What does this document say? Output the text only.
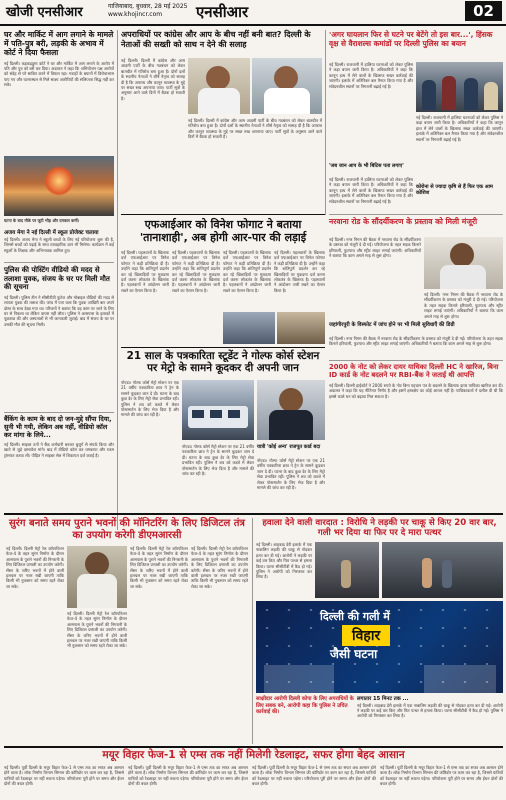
खोजी एनसीआर	गाजियाबाद, बुधवार, 28 मई 2025
www.khojincr.com	एनसीआर	02
घर और मार्किट में आग लगाने के मामले में पति-पुत्र बरी, लड़की के अभाव में कोर्ट ने दिया फैसला
नई दिल्ली। कड़कड़डूमा कोर्ट ने घर और मार्किट में आग लगाने के आरोप में पति और पुत्र को बरी कर दिया। अदालत ने कहा कि अभियोजन पक्ष आरोपों को संदेह से परे साबित करने में विफल रहा। गवाहों के बयानों में विरोधाभास पाए गए और घटनास्थल से मिले साक्ष्य आरोपियों की संलिप्तता सिद्ध नहीं कर सके।
घटना के बाद मौके पर जुटी भीड़ और दमकल कर्मी।
अजय मेगा ने नई दिल्ली में स्कूल प्रोजेक्ट चलाया
नई दिल्ली। अजय मेगा ने स्कूली बच्चों के लिए नई परियोजना शुरू की है, जिससे बच्चों को पढ़ाई के साथ व्यावहारिक ज्ञान भी मिलेगा। कार्यक्रम में कई स्कूलों के शिक्षक और अभिभावक शामिल हुए।
पुलिस की पोस्टिंग वीडियो की मदद से तलाशा युवक, संजय के घर पर मिली मौत की सूचना
नई दिल्ली। पुलिस टीम ने सीसीटीवी फुटेज और मोबाइल वीडियो की मदद से लापता युवक की तलाश की। जांच में पता चला कि युवक आखिरी बार अपने दोस्त के साथ देखा गया था। परिजनों ने बताया कि वह काम पर जाने के लिए घर से निकला था लेकिन वापस नहीं लौटा। पुलिस ने आसपास के इलाकों में पूछताछ की और अस्पतालों से भी जानकारी जुटाई। बाद में संजय के घर पर उसकी मौत की सूचना मिली।
बैंकिंग के काम के बाद दो जन-मुद्दे सौंपा दिया, सुनी भी गयी, लेकिन अब नहीं, वीडियो कॉल कर मांगा के लिये...
नई दिल्ली। साइबर ठगों ने बैंक कर्मचारी बनकर बुजुर्ग से संपर्क किया और खाते से जुड़े दस्तावेज मांगे। बाद में वीडियो कॉल कर धमकाया और रकम ट्रांसफर करवा ली। पीड़ित ने साइबर सेल में शिकायत दर्ज कराई है।
अपराधियों पर कांग्रेस और आप के बीच नहीं बनी बात? दिल्ली के नेताओं की सख्ती को साथ न देने की सलाह
नई दिल्ली। दिल्ली में कांग्रेस और आम आदमी पार्टी के बीच गठबंधन को लेकर बातचीत में गतिरोध बना हुआ है। दोनों दलों के स्थानीय नेताओं ने शीर्ष नेतृत्व को सलाह दी है कि अपराध और कानून व्यवस्था के मुद्दे पर सख्त रुख अपनाया जाए। पार्टी सूत्रों के अनुसार आने वाले दिनों में बैठक हो सकती है।
नई दिल्ली। दिल्ली में कांग्रेस और आम आदमी पार्टी के बीच गठबंधन को लेकर बातचीत में गतिरोध बना हुआ है। दोनों दलों के स्थानीय नेताओं ने शीर्ष नेतृत्व को सलाह दी है कि अपराध और कानून व्यवस्था के मुद्दे पर सख्त रुख अपनाया जाए। पार्टी सूत्रों के अनुसार आने वाले दिनों में बैठक हो सकती है।
'अगर घायलान फिर से घटने पर बेटेंगे तो इस बार...', हिंसक वृक्ष से वैराशल्स कमांडों पर दिल्ली पुलिस का बयान
नई दिल्ली। राजधानी में हालिया घटनाओं को लेकर पुलिस ने कड़ा बयान जारी किया है। अधिकारियों ने कहा कि कानून हाथ में लेने वालों के खिलाफ सख्त कार्रवाई की जाएगी। इलाके में अतिरिक्त बल तैनात किया गया है और संवेदनशील स्थानों पर निगरानी बढ़ाई गई है।
'जब जान आप के भी बिटिस पता लगाए'
नई दिल्ली। राजधानी में हालिया घटनाओं को लेकर पुलिस ने कड़ा बयान जारी किया है। अधिकारियों ने कहा कि कानून हाथ में लेने वालों के खिलाफ सख्त कार्रवाई की जाएगी। इलाके में अतिरिक्त बल तैनात किया गया है और संवेदनशील स्थानों पर निगरानी बढ़ाई गई है।
नई दिल्ली। राजधानी में हालिया घटनाओं को लेकर पुलिस ने कड़ा बयान जारी किया है। अधिकारियों ने कहा कि कानून हाथ में लेने वालों के खिलाफ सख्त कार्रवाई की जाएगी। इलाके में अतिरिक्त बल तैनात किया गया है और संवेदनशील स्थानों पर निगरानी बढ़ाई गई है।
कोरोना से ज्यादा कृषि से हैं फिर एक आम कोशिश
नरवाना रोड के सौंदर्यीकरण के प्रस्ताव को मिली मंजूरी
नई दिल्ली। नगर निगम की बैठक में नरवाना रोड के सौंदर्यीकरण के प्रस्ताव को मंजूरी दे दी गई। परियोजना के तहत सड़क किनारे हरियाली, फुटपाथ और स्ट्रीट लाइट लगाई जाएंगी। अधिकारियों ने बताया कि काम अगले माह से शुरू होगा।
नई दिल्ली। नगर निगम की बैठक में नरवाना रोड के सौंदर्यीकरण के प्रस्ताव को मंजूरी दे दी गई। परियोजना के तहत सड़क किनारे हरियाली, फुटपाथ और स्ट्रीट लाइट लगाई जाएंगी। अधिकारियों ने बताया कि काम अगले माह से शुरू होगा।
जहांगीरपुरी के विस्फोट में जांच होने पर भी मिली सुविधाएँ की डिग्री
नई दिल्ली। नगर निगम की बैठक में नरवाना रोड के सौंदर्यीकरण के प्रस्ताव को मंजूरी दे दी गई। परियोजना के तहत सड़क किनारे हरियाली, फुटपाथ और स्ट्रीट लाइट लगाई जाएंगी। अधिकारियों ने बताया कि काम अगले माह से शुरू होगा।
2000 के नोट को लेकर दायर याचिका दिल्ली HC ने खारिज, बिना ID कार्ड के नोट बदलने पर RBI-बैंक ने जताई थी आपत्ति
नई दिल्ली। दिल्ली हाईकोर्ट ने 2000 रुपये के नोट बिना पहचान पत्र के बदलने के खिलाफ दायर याचिका खारिज कर दी। अदालत ने कहा कि यह नीतिगत निर्णय है और इसमें हस्तक्षेप का कोई आधार नहीं है। याचिकाकर्ता ने दलील दी थी कि इससे काले धन को बढ़ावा मिल सकता है।
एफआईआर को विनेश फोगाट ने बताया 'तानाशाही', अब होगी आर-पार की लड़ाई
नई दिल्ली। पहलवानों के खिलाफ दर्ज एफआईआर पर विनेश फोगाट ने कड़ी प्रतिक्रिया दी है। उन्होंने कहा कि शांतिपूर्ण प्रदर्शन कर रहे खिलाड़ियों पर मुकदमा दर्ज करना लोकतंत्र के खिलाफ है। पहलवानों ने आंदोलन जारी रखने का ऐलान किया है।
नई दिल्ली। पहलवानों के खिलाफ दर्ज एफआईआर पर विनेश फोगाट ने कड़ी प्रतिक्रिया दी है। उन्होंने कहा कि शांतिपूर्ण प्रदर्शन कर रहे खिलाड़ियों पर मुकदमा दर्ज करना लोकतंत्र के खिलाफ है। पहलवानों ने आंदोलन जारी रखने का ऐलान किया है।
नई दिल्ली। पहलवानों के खिलाफ दर्ज एफआईआर पर विनेश फोगाट ने कड़ी प्रतिक्रिया दी है। उन्होंने कहा कि शांतिपूर्ण प्रदर्शन कर रहे खिलाड़ियों पर मुकदमा दर्ज करना लोकतंत्र के खिलाफ है। पहलवानों ने आंदोलन जारी रखने का ऐलान किया है।
नई दिल्ली। पहलवानों के खिलाफ दर्ज एफआईआर पर विनेश फोगाट ने कड़ी प्रतिक्रिया दी है। उन्होंने कहा कि शांतिपूर्ण प्रदर्शन कर रहे खिलाड़ियों पर मुकदमा दर्ज करना लोकतंत्र के खिलाफ है। पहलवानों ने आंदोलन जारी रखने का ऐलान किया है।
21 साल के पत्रकारिता स्टूडेंट ने गोल्फ कोर्स स्टेशन पर मेट्रो के सामने कूदकर दी अपनी जान
नोएडा। गोल्फ कोर्स मेट्रो स्टेशन पर एक 21 वर्षीय पत्रकारिता छात्र ने ट्रेन के सामने कूदकर जान दे दी। घटना के बाद कुछ देर के लिए मेट्रो सेवा प्रभावित रही। पुलिस ने शव को कब्जे में लेकर पोस्टमार्टम के लिए भेज दिया है और मामले की जांच कर रही है।
नोएडा। गोल्फ कोर्स मेट्रो स्टेशन पर एक 21 वर्षीय पत्रकारिता छात्र ने ट्रेन के सामने कूदकर जान दे दी। घटना के बाद कुछ देर के लिए मेट्रो सेवा प्रभावित रही। पुलिस ने शव को कब्जे में लेकर पोस्टमार्टम के लिए भेज दिया है और मामले की जांच कर रही है।
यात्री 'कोई अन्य' राजपूत कार्ड बदा
नोएडा। गोल्फ कोर्स मेट्रो स्टेशन पर एक 21 वर्षीय पत्रकारिता छात्र ने ट्रेन के सामने कूदकर जान दे दी। घटना के बाद कुछ देर के लिए मेट्रो सेवा प्रभावित रही। पुलिस ने शव को कब्जे में लेकर पोस्टमार्टम के लिए भेज दिया है और मामले की जांच कर रही है।
सुरंग बनाते समय पुराने भवनों की मॉनिटरिंग के लिए डिजिटल तंत्र का उपयोग करेगी डीएमआरसी
नई दिल्ली। दिल्ली मेट्रो रेल कॉरपोरेशन फेज-4 के तहत सुरंग निर्माण के दौरान आसपास के पुराने भवनों की निगरानी के लिए डिजिटल प्रणाली का उपयोग करेगी। सेंसर के जरिए भवनों में होने वाली हलचल पर नजर रखी जाएगी ताकि किसी भी नुकसान को समय रहते रोका जा सके।
नई दिल्ली। दिल्ली मेट्रो रेल कॉरपोरेशन फेज-4 के तहत सुरंग निर्माण के दौरान आसपास के पुराने भवनों की निगरानी के लिए डिजिटल प्रणाली का उपयोग करेगी। सेंसर के जरिए भवनों में होने वाली हलचल पर नजर रखी जाएगी ताकि किसी भी नुकसान को समय रहते रोका जा सके।
नई दिल्ली। दिल्ली मेट्रो रेल कॉरपोरेशन फेज-4 के तहत सुरंग निर्माण के दौरान आसपास के पुराने भवनों की निगरानी के लिए डिजिटल प्रणाली का उपयोग करेगी। सेंसर के जरिए भवनों में होने वाली हलचल पर नजर रखी जाएगी ताकि किसी भी नुकसान को समय रहते रोका जा सके।
नई दिल्ली। दिल्ली मेट्रो रेल कॉरपोरेशन फेज-4 के तहत सुरंग निर्माण के दौरान आसपास के पुराने भवनों की निगरानी के लिए डिजिटल प्रणाली का उपयोग करेगी। सेंसर के जरिए भवनों में होने वाली हलचल पर नजर रखी जाएगी ताकि किसी भी नुकसान को समय रहते रोका जा सके।
हवाला देने वाली वारदात : विरोधि ने लड़की पर चाकू से किए 20 वार बार, गली भर दिया था फिर पर दे मारा पत्थर
नई दिल्ली। शाहबाद डेरी इलाके में एक नाबालिग लड़की की चाकू से गोदकर हत्या कर दी गई। आरोपी ने लड़की पर कई वार किए और फिर पत्थर से हमला किया। घटना सीसीटीवी में कैद हो गई। पुलिस ने आरोपी को गिरफ्तार कर लिया है।
दिल्ली की गली में
विहार
जैसी घटना
साक्षीदार आरोपी दिल्ली कोपा के लिए अपराधियों के लिए सबक बने, आरोपी कहा कि पुलिस ने उचित कार्रवाई की।
लगातार 15 मिनट तक ...
नई दिल्ली। शाहबाद डेरी इलाके में एक नाबालिग लड़की की चाकू से गोदकर हत्या कर दी गई। आरोपी ने लड़की पर कई वार किए और फिर पत्थर से हमला किया। घटना सीसीटीवी में कैद हो गई। पुलिस ने आरोपी को गिरफ्तार कर लिया है।
मयूर विहार फेज-1 से एम्स तक नहीं मिलेगी रेडलाइट, सफर होगा बेहद आसान
नई दिल्ली। पूर्वी दिल्ली के मयूर विहार फेज-1 से एम्स तक का सफर अब आसान होने वाला है। लोक निर्माण विभाग सिग्नल फ्री कॉरिडोर पर काम कर रहा है, जिससे यात्रियों को रेडलाइट पर नहीं रुकना पड़ेगा। परियोजना पूरी होने पर समय और ईंधन दोनों की बचत होगी।
नई दिल्ली। पूर्वी दिल्ली के मयूर विहार फेज-1 से एम्स तक का सफर अब आसान होने वाला है। लोक निर्माण विभाग सिग्नल फ्री कॉरिडोर पर काम कर रहा है, जिससे यात्रियों को रेडलाइट पर नहीं रुकना पड़ेगा। परियोजना पूरी होने पर समय और ईंधन दोनों की बचत होगी।
नई दिल्ली। पूर्वी दिल्ली के मयूर विहार फेज-1 से एम्स तक का सफर अब आसान होने वाला है। लोक निर्माण विभाग सिग्नल फ्री कॉरिडोर पर काम कर रहा है, जिससे यात्रियों को रेडलाइट पर नहीं रुकना पड़ेगा। परियोजना पूरी होने पर समय और ईंधन दोनों की बचत होगी।
नई दिल्ली। पूर्वी दिल्ली के मयूर विहार फेज-1 से एम्स तक का सफर अब आसान होने वाला है। लोक निर्माण विभाग सिग्नल फ्री कॉरिडोर पर काम कर रहा है, जिससे यात्रियों को रेडलाइट पर नहीं रुकना पड़ेगा। परियोजना पूरी होने पर समय और ईंधन दोनों की बचत होगी।
